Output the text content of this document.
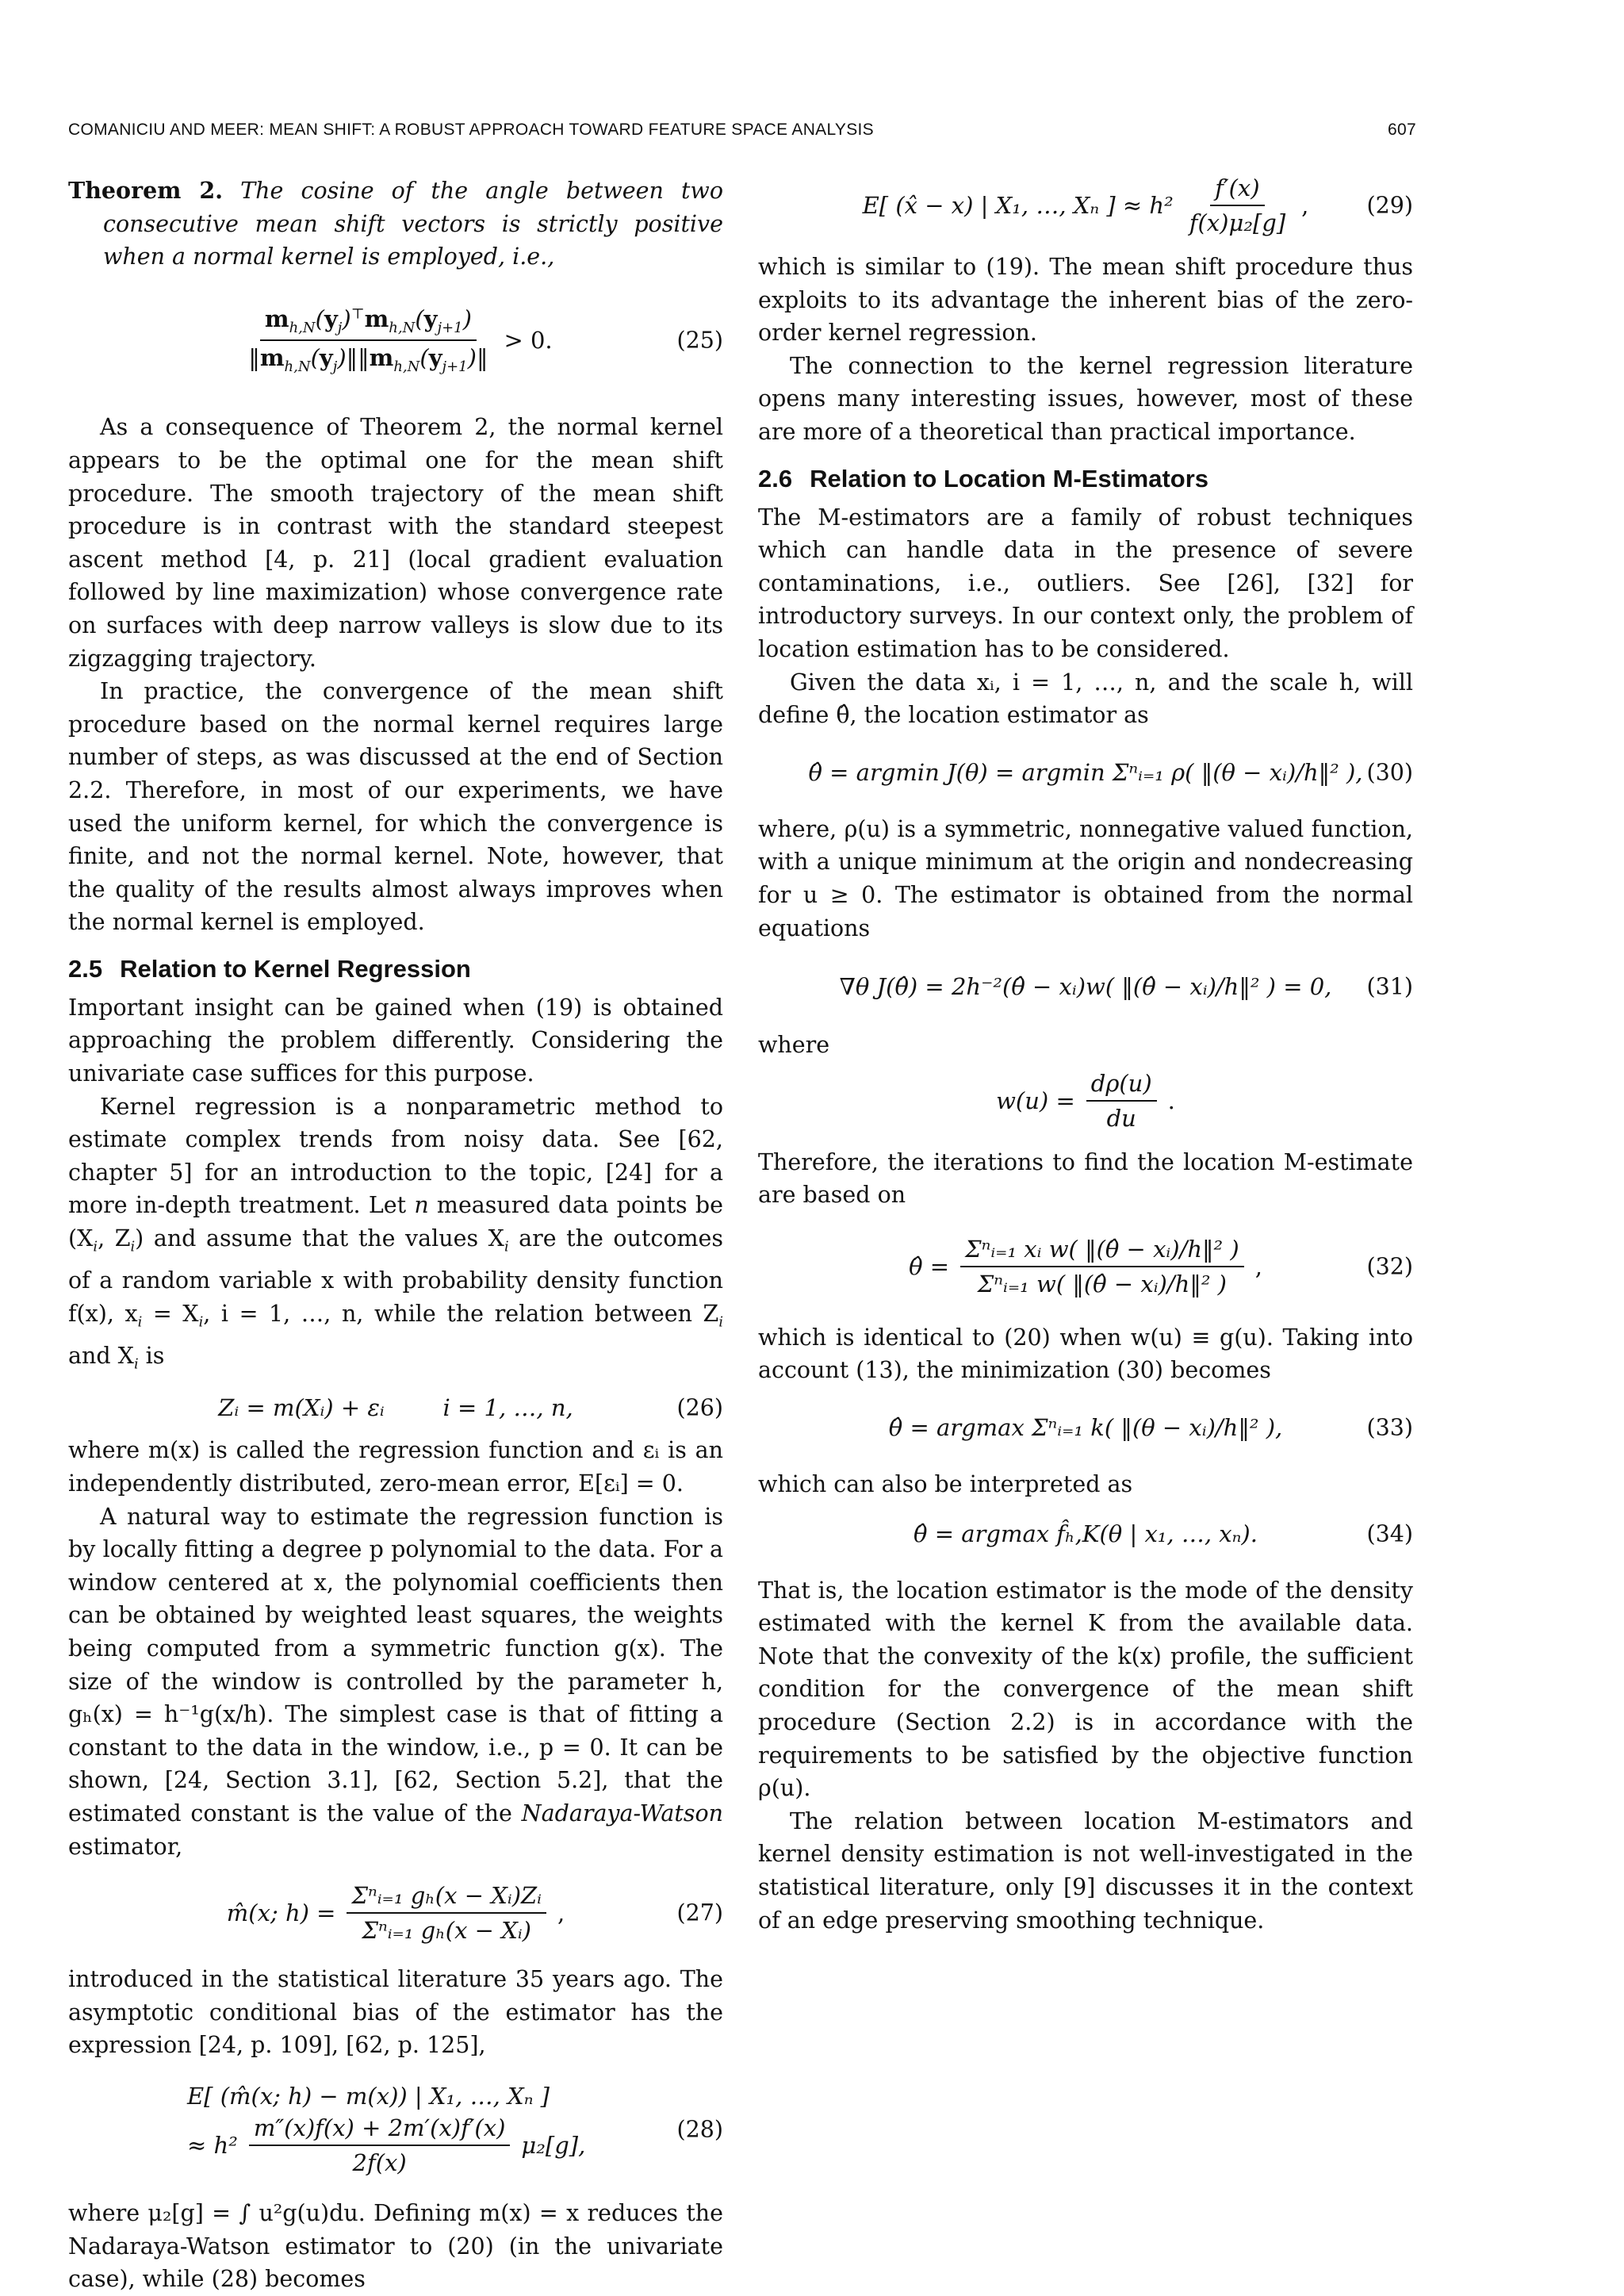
COMANICIU AND MEER: MEAN SHIFT: A ROBUST APPROACH TOWARD FEATURE SPACE ANALYSIS	607

Theorem 2. The cosine of the angle between two consecutive mean shift vectors is strictly positive when a normal kernel is employed, i.e.,

$\frac{m_{h,N}(y_j)^⊤m_{h,N}(y_{j+1})}{‖m_{h,N}(y_j)‖‖m_{h,N}(y_{j+1})‖} > 0$.	(25)

As a consequence of Theorem 2, the normal kernel appears to be the optimal one for the mean shift procedure. The smooth trajectory of the mean shift procedure is in contrast with the standard steepest ascent method [4, p. 21] (local gradient evaluation followed by line maximization) whose convergence rate on surfaces with deep narrow valleys is slow due to its zigzagging trajectory.

In practice, the convergence of the mean shift procedure based on the normal kernel requires large number of steps, as was discussed at the end of Section 2.2. Therefore, in most of our experiments, we have used the uniform kernel, for which the convergence is finite, and not the normal kernel. Note, however, that the quality of the results almost always improves when the normal kernel is employed.

2.5 Relation to Kernel Regression

Important insight can be gained when (19) is obtained approaching the problem differently. Considering the univariate case suffices for this purpose.

Kernel regression is a nonparametric method to estimate complex trends from noisy data. See [62, chapter 5] for an introduction to the topic, [24] for a more in-depth treatment. Let n measured data points be ($X_i$, $Z_i$) and assume that the values $X_i$ are the outcomes of a random variable x with probability density function f(x), $x_i = X_i$, i = 1, …, n, while the relation between $Z_i$ and $X_i$ is

Zᵢ = m(Xᵢ) + εᵢ        i = 1, …, n,	(26)

where m(x) is called the regression function and εᵢ is an independently distributed, zero-mean error, E[εᵢ] = 0.

A natural way to estimate the regression function is by locally fitting a degree p polynomial to the data. For a window centered at x, the polynomial coefficients then can be obtained by weighted least squares, the weights being computed from a symmetric function g(x). The size of the window is controlled by the parameter h, gₕ(x) = h⁻¹g(x/h). The simplest case is that of fitting a constant to the data in the window, i.e., p = 0. It can be shown, [24, Section 3.1], [62, Section 5.2], that the estimated constant is the value of the Nadaraya-Watson estimator,

m̂(x; $h) = \frac{\text{Σⁿᵢ₌₁ gₕ(x − Xᵢ)Zᵢ}}{\text{Σⁿᵢ₌₁ gₕ(x − Xᵢ)}}$ ,	(27)

introduced in the statistical literature 35 years ago. The asymptotic conditional bias of the estimator has the expression [24, p. 109], [62, p. 125],

E[ (m̂(x; h) − m(x)) | X₁, …, Xₙ ]
≈ $h^2 \frac{m''(x)f(x) + 2m'(x)f'(x)}{2f(x)} \mu_2[g]$,
(28)

where μ₂[g] = ∫ u²g(u)du. Defining m(x) = x reduces the Nadaraya-Watson estimator to (20) (in the univariate case), while (28) becomes

E[ (x̂ − x) | X₁, …, Xₙ ] ≈ $h^2 \frac{f'(x)}{\text{f(x)μ₂[g]}}$ ,	(29)

which is similar to (19). The mean shift procedure thus exploits to its advantage the inherent bias of the zero-order kernel regression.

The connection to the kernel regression literature opens many interesting issues, however, most of these are more of a theoretical than practical importance.

2.6 Relation to Location M-Estimators

The M-estimators are a family of robust techniques which can handle data in the presence of severe contaminations, i.e., outliers. See [26], [32] for introductory surveys. In our context only, the problem of location estimation has to be considered.

Given the data xᵢ, i = 1, …, n, and the scale h, will define θ̂, the location estimator as

θ̂ = argmin J(θ) = argmin Σⁿᵢ₌₁ ρ( ‖(θ − xᵢ)/h‖² ), (30)

where, ρ(u) is a symmetric, nonnegative valued function, with a unique minimum at the origin and nondecreasing for u ≥ 0. The estimator is obtained from the normal equations

∇θ J(θ̂) = 2h⁻²(θ̂ − xᵢ)w( ‖(θ̂ − xᵢ)/h‖² ) = 0, (31)

where

$w(u) = \frac{d\rho(u)}{du}$ .

Therefore, the iterations to find the location M-estimate are based on

θ̂ = $\frac{\text{Σⁿᵢ₌₁ xᵢ w( ‖(θ̂ − xᵢ)/h‖² )}}{\text{Σⁿᵢ₌₁ w( ‖(θ̂ − xᵢ)/h‖² )}}$ ,	(32)

which is identical to (20) when w(u) ≡ g(u). Taking into account (13), the minimization (30) becomes

θ̂ = argmax Σⁿᵢ₌₁ k( ‖(θ − xᵢ)/h‖² ),	(33)

which can also be interpreted as

θ̂ = argmax f̂ₕ,K(θ | x₁, …, xₙ).	(34)

That is, the location estimator is the mode of the density estimated with the kernel K from the available data. Note that the convexity of the k(x) profile, the sufficient condition for the convergence of the mean shift procedure (Section 2.2) is in accordance with the requirements to be satisfied by the objective function ρ(u).

The relation between location M-estimators and kernel density estimation is not well-investigated in the statistical literature, only [9] discusses it in the context of an edge preserving smoothing technique.
